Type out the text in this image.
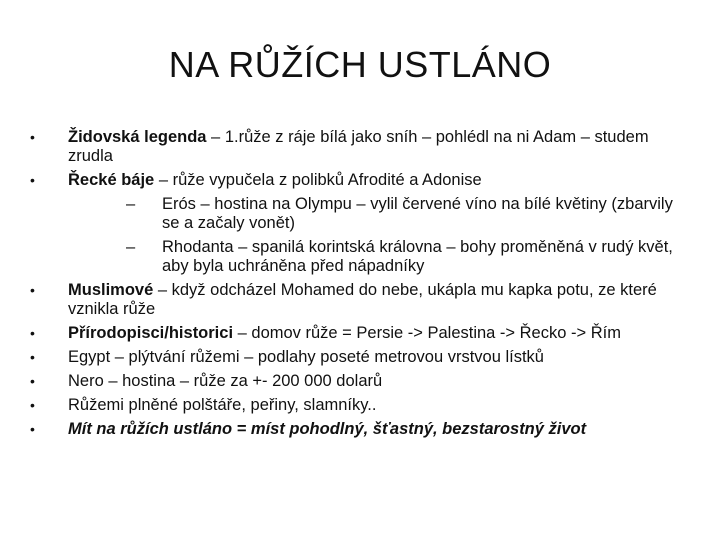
NA RŮŽÍCH USTLÁNO
• Židovská legenda – 1.růže z ráje bílá jako sníh – pohlédl na ni Adam – studem zrudla
• Řecké báje – růže vypučela z polibků Afrodité a Adonise
– Erós – hostina na Olympu – vylil červené víno na bílé květiny (zbarvily se a začaly vonět)
– Rhodanta – spanilá korintská královna – bohy proměněná v rudý květ, aby byla uchráněna před nápadníky
• Muslimové – když odcházel Mohamed do nebe, ukápla mu kapka potu, ze které vznikla růže
• Přírodopisci/historici – domov růže = Persie -> Palestina -> Řecko -> Řím
• Egypt – plýtvání růžemi – podlahy poseté metrovou vrstvou lístků
• Nero – hostina – růže za +- 200 000 dolarů
• Růžemi plněné polštáře, peřiny, slamníky..
• Mít na růžích ustláno = míst pohodlný, šťastný, bezstarostný život
